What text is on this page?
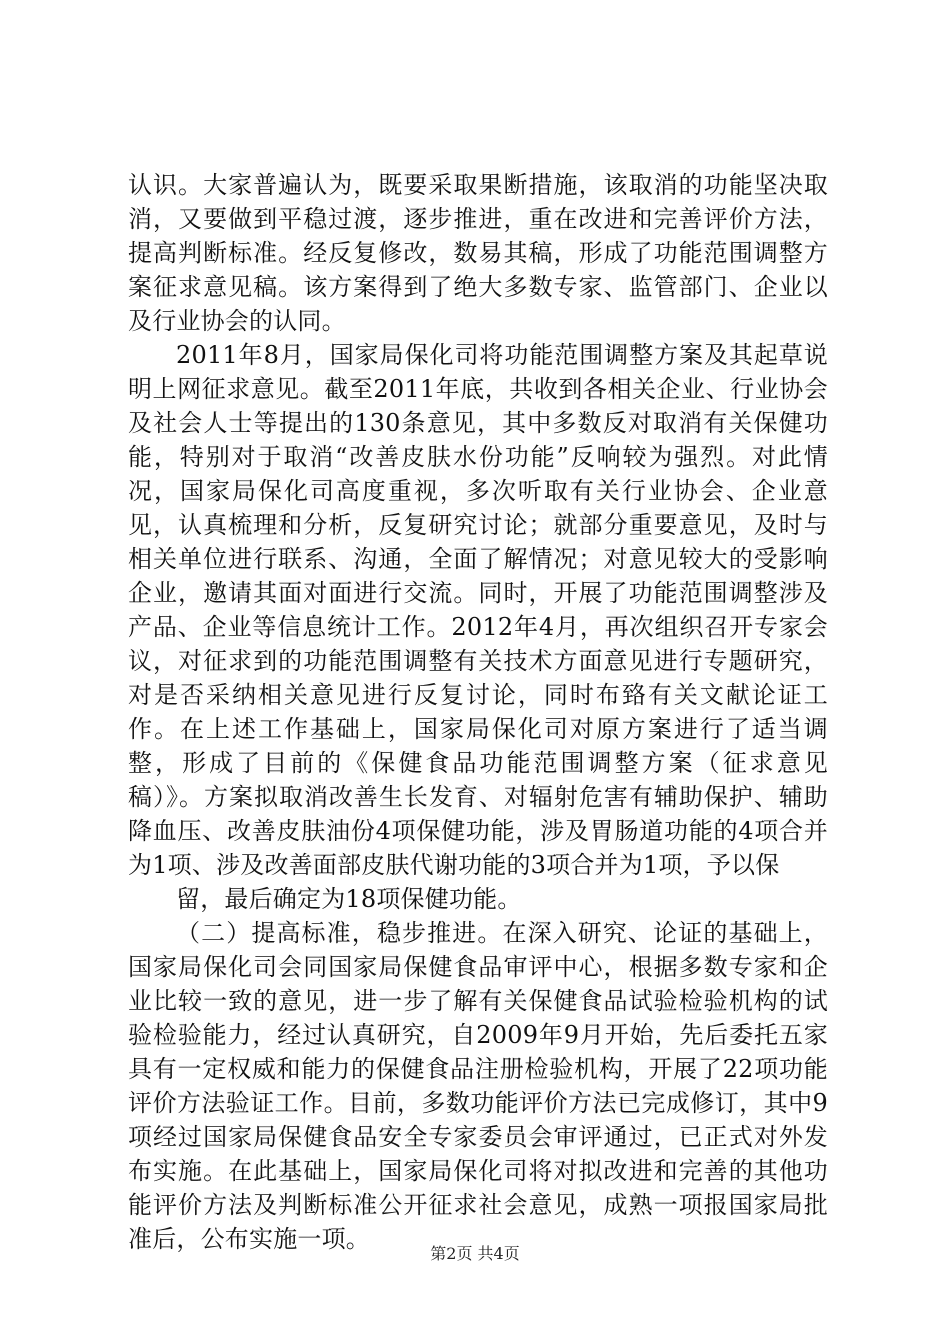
认识。大家普遍认为，既要采取果断措施，该取消的功能坚决取消，又要做到平稳过渡，逐步推进，重在改进和完善评价方法，提高判断标准。经反复修改，数易其稿，形成了功能范围调整方案征求意见稿。该方案得到了绝大多数专家、监管部门、企业以及行业协会的认同。

2011年8月，国家局保化司将功能范围调整方案及其起草说明上网征求意见。截至2011年底，共收到各相关企业、行业协会及社会人士等提出的130条意见，其中多数反对取消有关保健功能，特别对于取消“改善皮肤水份功能”反响较为强烈。对此情况，国家局保化司高度重视，多次听取有关行业协会、企业意见，认真梳理和分析，反复研究讨论；就部分重要意见，及时与相关单位进行联系、沟通，全面了解情况；对意见较大的受影响企业，邀请其面对面进行交流。同时，开展了功能范围调整涉及产品、企业等信息统计工作。2012年4月，再次组织召开专家会议，对征求到的功能范围调整有关技术方面意见进行专题研究，对是否采纳相关意见进行反复讨论，同时布臵有关文献论证工作。在上述工作基础上，国家局保化司对原方案进行了适当调整，形成了目前的《保健食品功能范围调整方案（征求意见稿）》。方案拟取消改善生长发育、对辐射危害有辅助保护、辅助降血压、改善皮肤油份4项保健功能，涉及胃肠道功能的4项合并为1项、涉及改善面部皮肤代谢功能的3项合并为1项，予以保

留，最后确定为18项保健功能。

（二）提高标准，稳步推进。在深入研究、论证的基础上，国家局保化司会同国家局保健食品审评中心，根据多数专家和企业比较一致的意见，进一步了解有关保健食品试验检验机构的试验检验能力，经过认真研究，自2009年9月开始，先后委托五家具有一定权威和能力的保健食品注册检验机构，开展了22项功能评价方法验证工作。目前，多数功能评价方法已完成修订，其中9项经过国家局保健食品安全专家委员会审评通过，已正式对外发布实施。在此基础上，国家局保化司将对拟改进和完善的其他功能评价方法及判断标准公开征求社会意见，成熟一项报国家局批准后，公布实施一项。

第2页 共4页
